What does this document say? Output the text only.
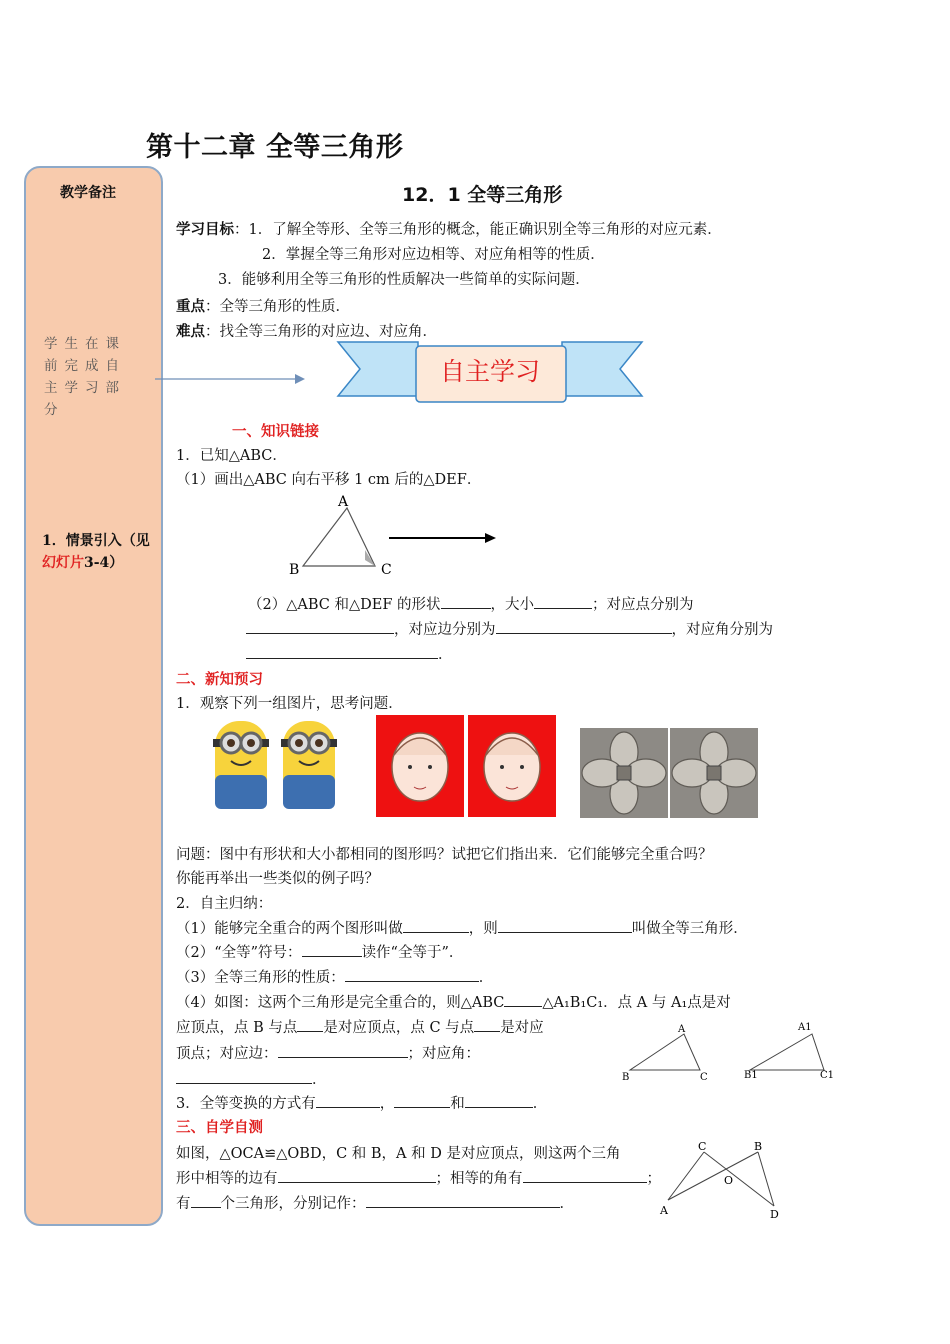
第十二章 全等三角形
教学备注
学生在课前完成自主学习部分
1．情景引入（见幻灯片3-4）
12．1 全等三角形
学习目标：1．了解全等形、全等三角形的概念，能正确识别全等三角形的对应元素．
2．掌握全等三角形对应边相等、对应角相等的性质．
3．能够利用全等三角形的性质解决一些简单的实际问题．
重点：全等三角形的性质．
难点：找全等三角形的对应边、对应角．
自主学习
一、知识链接
1．已知△ABC．
（1）画出△ABC 向右平移 1 cm 后的△DEF．
A
B	C
（2）△ABC 和△DEF 的形状	，大小	；对应点分别为
，对应边分别为	，对应角分别为
．
二、新知预习
1．观察下列一组图片，思考问题．
问题：图中有形状和大小都相同的图形吗？试把它们指出来．它们能够完全重合吗？
你能再举出一些类似的例子吗？
2．自主归纳：
（1）能够完全重合的两个图形叫做	，则	叫做全等三角形．
（2）“全等”符号：	读作“全等于”．
（3）全等三角形的性质：	．
（4）如图：这两个三角形是完全重合的，则△ABC	△A₁B₁C₁．点 A 与 A₁点是对
应顶点，点 B 与点 是对应顶点，点 C 与点 是对应
顶点；对应边：	；对应角：
．
A
B	C
A1
B1	C1
3．全等变换的方式有	，	和	．
三、自学自测
如图，△OCA≌△OBD，C 和 B，A 和 D 是对应顶点，则这两个三角
形中相等的边有	；相等的角有	；
有 个三角形，分别记作：	．
C	B
O
A	D
